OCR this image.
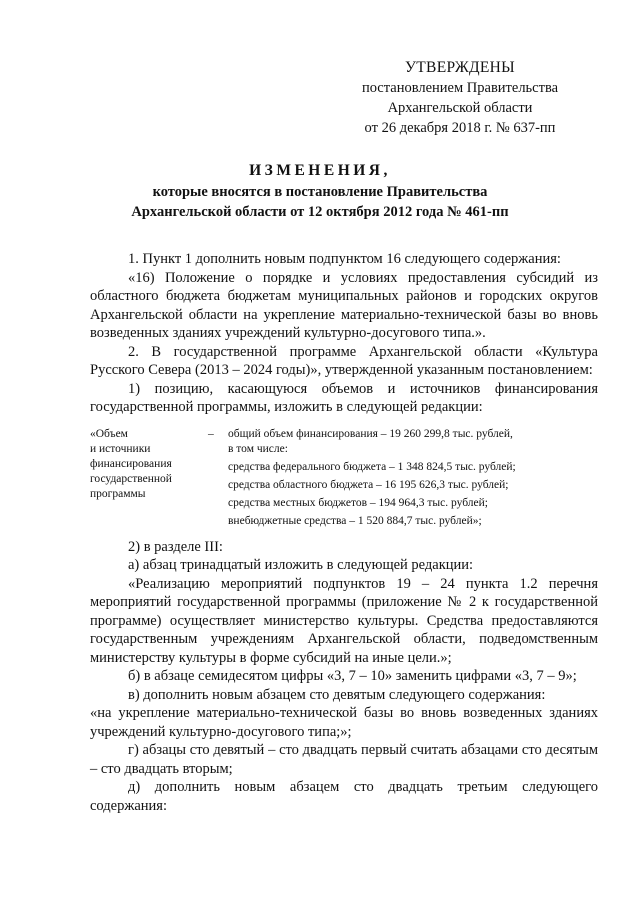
УТВЕРЖДЕНЫ
постановлением Правительства
Архангельской области
от 26 декабря 2018 г. № 637-пп
ИЗМЕНЕНИЯ,
которые вносятся в постановление Правительства
Архангельской области от 12 октября 2012 года № 461-пп

1. Пункт 1 дополнить новым подпунктом 16 следующего содержания:

«16) Положение о порядке и условиях предоставления субсидий из областного бюджета бюджетам муниципальных районов и городских округов Архангельской области на укрепление материально-технической базы во вновь возведенных зданиях учреждений культурно-досугового типа.».

2. В государственной программе Архангельской области «Культура Русского Севера (2013 – 2024 годы)», утвержденной указанным постановлением:

1) позицию, касающуюся объемов и источников финансирования государственной программы, изложить в следующей редакции:

«Объем
и источники
финансирования
государственной
программы
–	общий объем финансирования – 19 260 299,8 тыс. рублей,
в том числе:
средства федерального бюджета – 1 348 824,5 тыс. рублей;
средства областного бюджета – 16 195 626,3 тыс. рублей;
средства местных бюджетов – 194 964,3 тыс. рублей;
внебюджетные средства – 1 520 884,7 тыс. рублей»;

2) в разделе III:

а) абзац тринадцатый изложить в следующей редакции:

«Реализацию мероприятий подпунктов 19 – 24 пункта 1.2 перечня мероприятий государственной программы (приложение № 2 к государственной программе) осуществляет министерство культуры. Средства предоставляются государственным учреждениям Архангельской области, подведомственным министерству культуры в форме субсидий на иные цели.»;

б) в абзаце семидесятом цифры «3, 7 – 10» заменить цифрами «3, 7 – 9»;

в) дополнить новым абзацем сто девятым следующего содержания:

«на укрепление материально-технической базы во вновь возведенных зданиях учреждений культурно-досугового типа;»;

г) абзацы сто девятый – сто двадцать первый считать абзацами сто десятым – сто двадцать вторым;

д) дополнить новым абзацем сто двадцать третьим следующего содержания:
